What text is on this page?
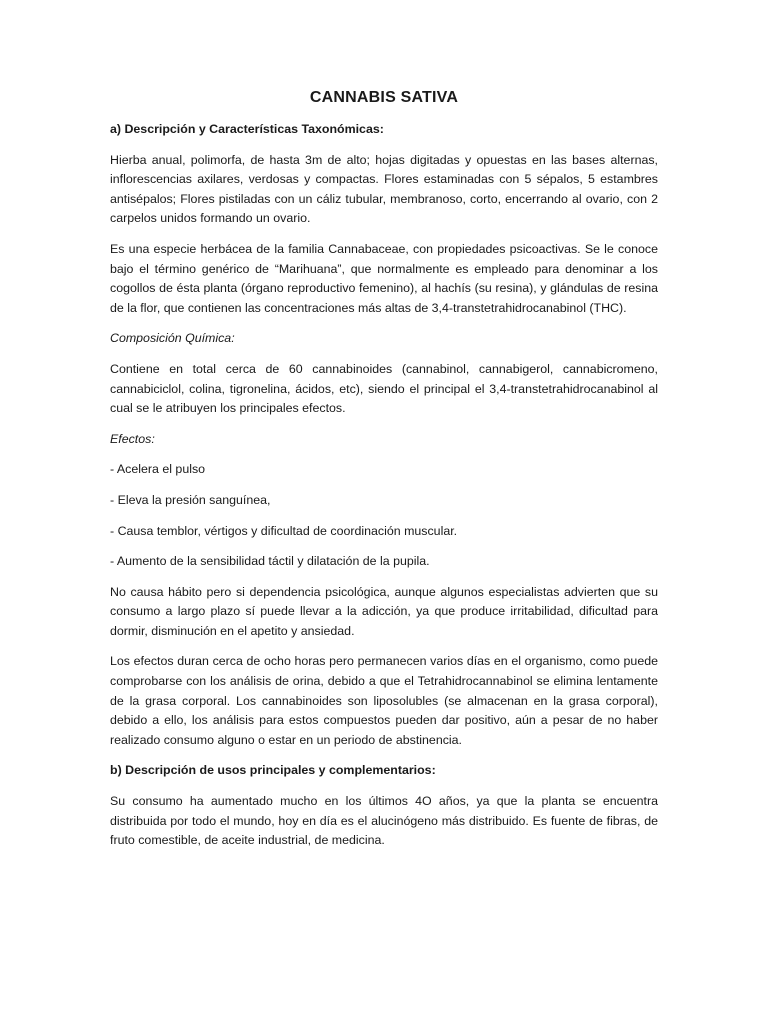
CANNABIS SATIVA
a) Descripción y Características Taxonómicas:
Hierba anual, polimorfa, de hasta 3m de alto; hojas digitadas y opuestas en las bases alternas, inflorescencias axilares, verdosas y compactas. Flores estaminadas con 5 sépalos, 5 estambres antisépalos; Flores pistiladas con un cáliz tubular, membranoso, corto, encerrando al ovario, con 2 carpelos unidos formando un ovario.
Es una especie herbácea de la familia Cannabaceae, con propiedades psicoactivas. Se le conoce bajo el término genérico de “Marihuana”, que normalmente es empleado para denominar a los cogollos de ésta planta (órgano reproductivo femenino), al hachís (su resina), y glándulas de resina de la flor, que contienen las concentraciones más altas de 3,4-transtetrahidrocanabinol (THC).
Composición Química:
Contiene en total cerca de 60 cannabinoides (cannabinol, cannabigerol, cannabicromeno, cannabiciclol, colina, tigronelina, ácidos, etc), siendo el principal el 3,4-transtetrahidrocanabinol al cual se le atribuyen los principales efectos.
Efectos:
- Acelera el pulso
- Eleva la presión sanguínea,
- Causa temblor, vértigos y dificultad de coordinación muscular.
- Aumento de la sensibilidad táctil y dilatación de la pupila.
No causa hábito pero si dependencia psicológica, aunque algunos especialistas advierten que su consumo a largo plazo sí puede llevar a la adicción, ya que produce irritabilidad, dificultad para dormir, disminución en el apetito y ansiedad.
Los efectos duran cerca de ocho horas pero permanecen varios días en el organismo, como puede comprobarse con los análisis de orina, debido a que el Tetrahidrocannabinol se elimina lentamente de la grasa corporal. Los cannabinoides son liposolubles (se almacenan en la grasa corporal), debido a ello, los análisis para estos compuestos pueden dar positivo, aún a pesar de no haber realizado consumo alguno o estar en un periodo de abstinencia.
b) Descripción de usos principales y complementarios:
Su consumo ha aumentado mucho en los últimos 4O años, ya que la planta se encuentra distribuida por todo el mundo, hoy en día es el alucinógeno más distribuido. Es fuente de fibras, de fruto comestible, de aceite industrial, de medicina.
